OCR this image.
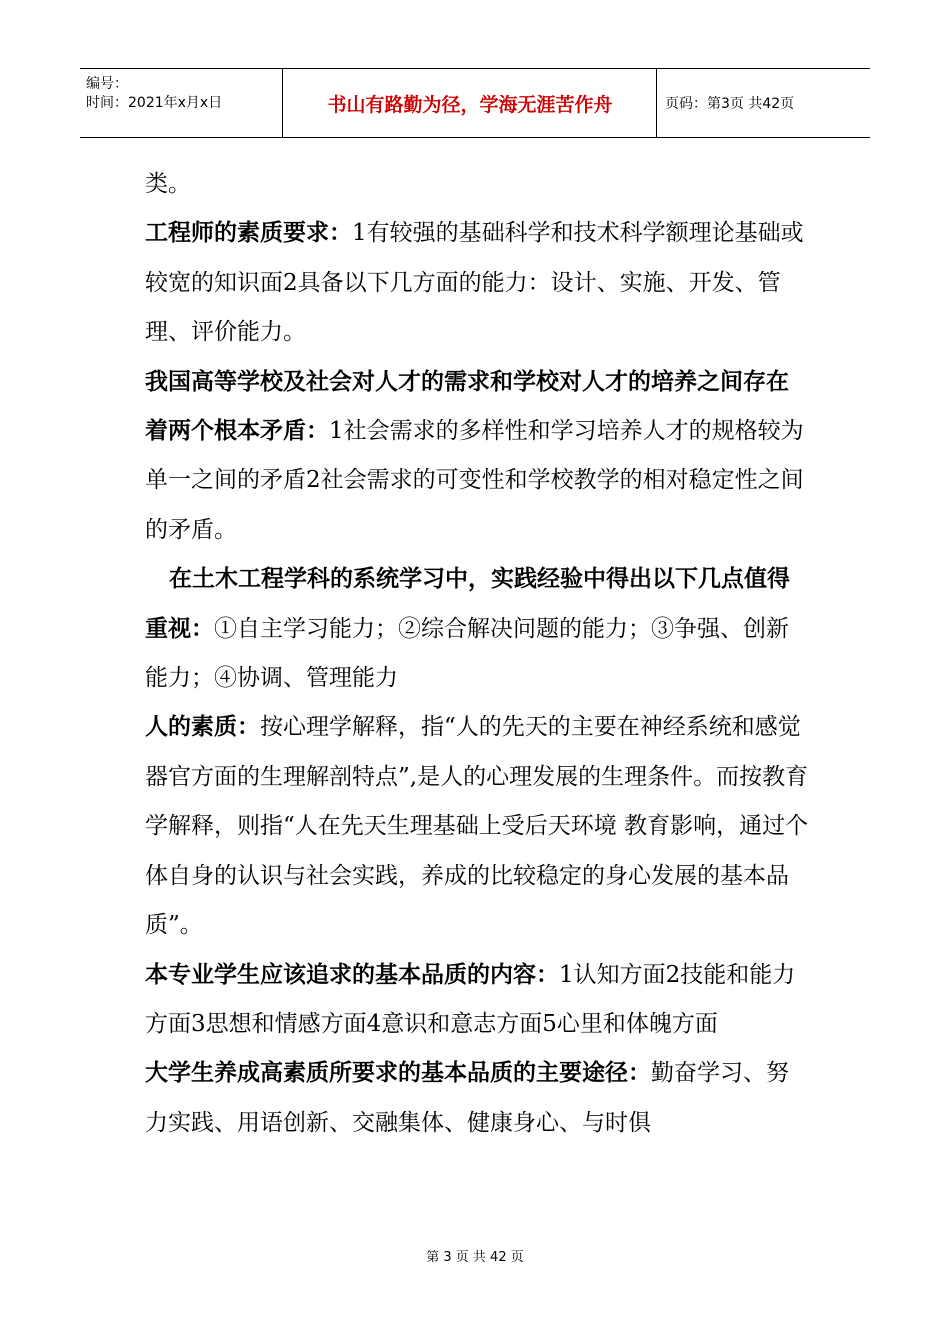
编号：
时间：2021年x月x日	书山有路勤为径，学海无涯苦作舟	页码：第3页 共42页

类。

工程师的素质要求：1有较强的基础科学和技术科学额理论基础或较宽的知识面2具备以下几方面的能力：设计、实施、开发、管理、评价能力。

我国高等学校及社会对人才的需求和学校对人才的培养之间存在着两个根本矛盾：1社会需求的多样性和学习培养人才的规格较为单一之间的矛盾2社会需求的可变性和学校教学的相对稳定性之间的矛盾。

在土木工程学科的系统学习中，实践经验中得出以下几点值得重视：①自主学习能力；②综合解决问题的能力；③争强、创新能力；④协调、管理能力

人的素质：按心理学解释，指“人的先天的主要在神经系统和感觉器官方面的生理解剖特点”,是人的心理发展的生理条件。而按教育学解释，则指“人在先天生理基础上受后天环境 教育影响，通过个体自身的认识与社会实践，养成的比较稳定的身心发展的基本品质”。

本专业学生应该追求的基本品质的内容：1认知方面2技能和能力方面3思想和情感方面4意识和意志方面5心里和体魄方面

大学生养成高素质所要求的基本品质的主要途径：勤奋学习、努力实践、用语创新、交融集体、健康身心、与时俱

第 3 页 共 42 页
